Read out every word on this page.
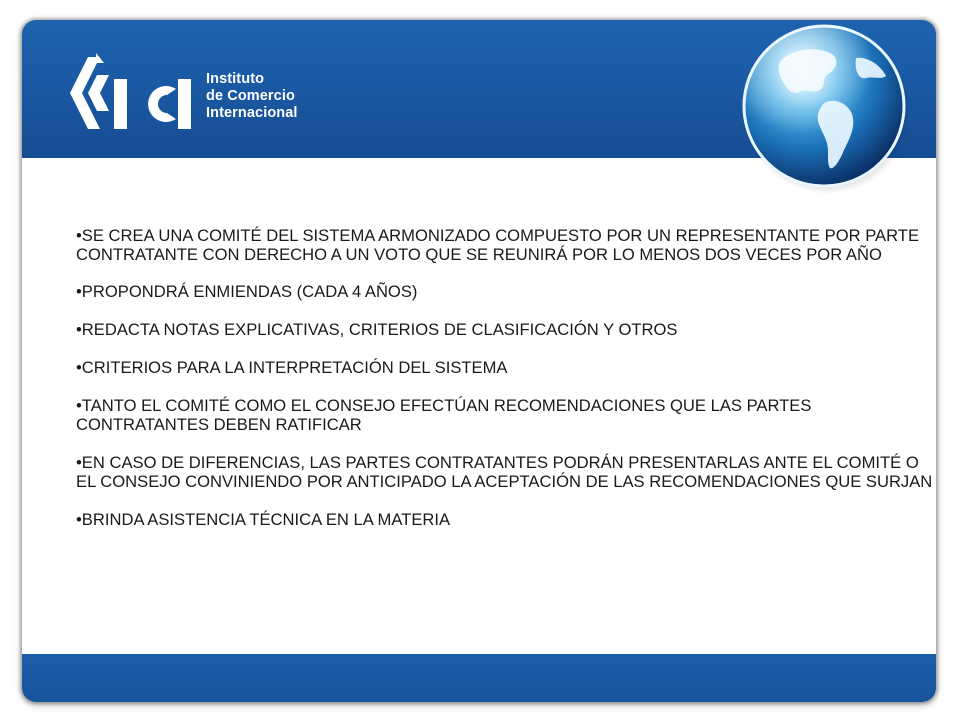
Instituto
de Comercio
Internacional
•SE CREA UNA COMITÉ DEL SISTEMA ARMONIZADO COMPUESTO POR UN REPRESENTANTE POR PARTE CONTRATANTE CON DERECHO A UN VOTO QUE SE REUNIRÁ POR LO MENOS DOS VECES POR AÑO
•PROPONDRÁ ENMIENDAS (CADA 4 AÑOS)
•REDACTA NOTAS EXPLICATIVAS, CRITERIOS DE CLASIFICACIÓN Y OTROS
•CRITERIOS PARA LA INTERPRETACIÓN DEL SISTEMA
•TANTO EL COMITÉ COMO EL CONSEJO EFECTÚAN RECOMENDACIONES QUE LAS PARTES CONTRATANTES DEBEN RATIFICAR
•EN CASO DE DIFERENCIAS, LAS PARTES CONTRATANTES PODRÁN PRESENTARLAS ANTE EL COMITÉ O EL CONSEJO CONVINIENDO POR ANTICIPADO LA ACEPTACIÓN DE LAS RECOMENDACIONES QUE SURJAN
•BRINDA ASISTENCIA TÉCNICA EN LA MATERIA
